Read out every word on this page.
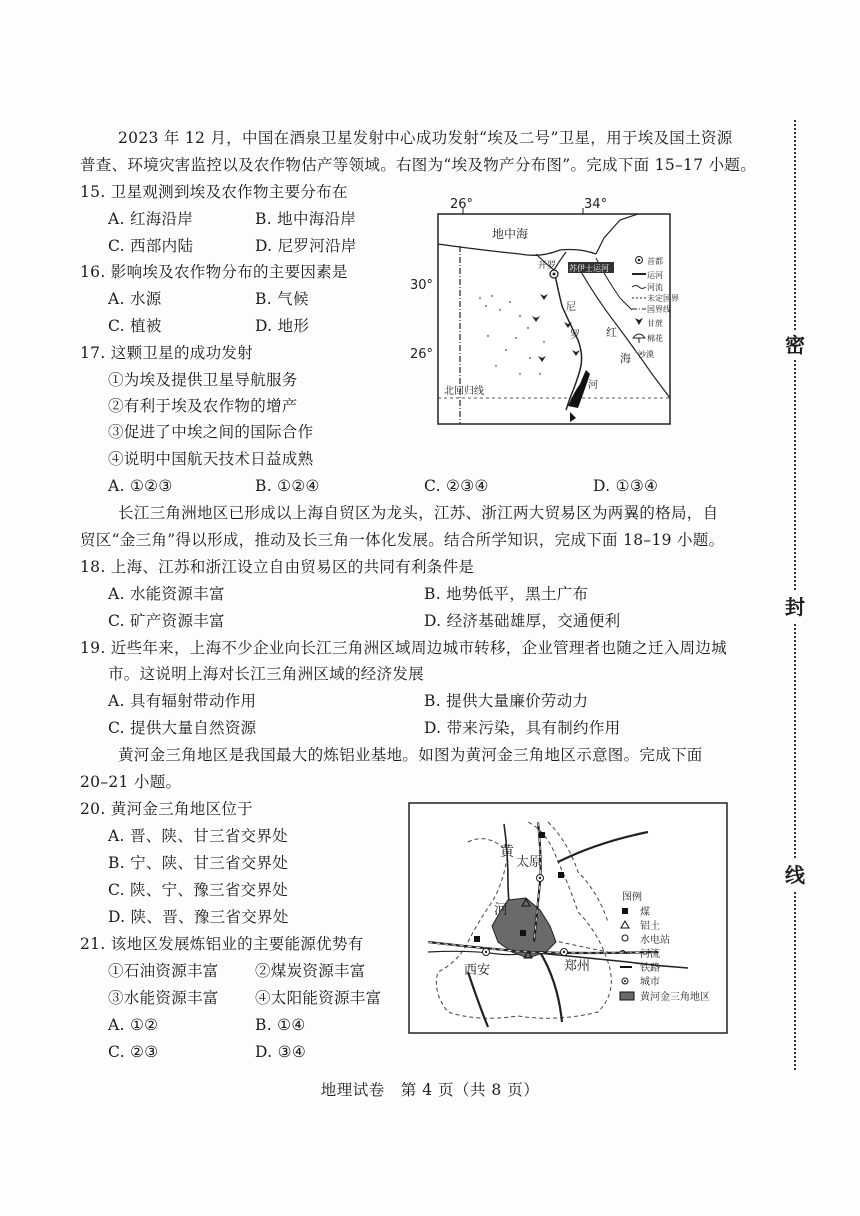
2023 年 12 月，中国在酒泉卫星发射中心成功发射“埃及二号”卫星，用于埃及国土资源
普查、环境灾害监控以及农作物估产等领域。右图为“埃及物产分布图”。完成下面 15–17 小题。
15. 卫星观测到埃及农作物主要分布在
A. 红海沿岸	B. 地中海沿岸
C. 西部内陆	D. 尼罗河沿岸
16. 影响埃及农作物分布的主要因素是
A. 水源	B. 气候
C. 植被	D. 地形
17. 这颗卫星的成功发射
①为埃及提供卫星导航服务
②有利于埃及农作物的增产
③促进了中埃之间的国际合作
④说明中国航天技术日益成熟
A. ①②③	B. ①②④	C. ②③④	D. ①③④
26°	34°
30°
26°
地中海
开罗 苏伊士运河
北回归线
尼
罗
河
红
海
首都
运河
河流
未定国界
国界线
甘蔗
棉花
沙漠
长江三角洲地区已形成以上海自贸区为龙头，江苏、浙江两大贸易区为两翼的格局，自
贸区“金三角”得以形成，推动及长三角一体化发展。结合所学知识，完成下面 18–19 小题。
18. 上海、江苏和浙江设立自由贸易区的共同有利条件是
A. 水能资源丰富	B. 地势低平，黑土广布
C. 矿产资源丰富	D. 经济基础雄厚，交通便利
19. 近些年来，上海不少企业向长江三角洲区域周边城市转移，企业管理者也随之迁入周边城
市。这说明上海对长江三角洲区域的经济发展
A. 具有辐射带动作用	B. 提供大量廉价劳动力
C. 提供大量自然资源	D. 带来污染，具有制约作用
黄河金三角地区是我国最大的炼铝业基地。如图为黄河金三角地区示意图。完成下面
20–21 小题。
20. 黄河金三角地区位于
A. 晋、陕、甘三省交界处
B. 宁、陕、甘三省交界处
C. 陕、宁、豫三省交界处
D. 陕、晋、豫三省交界处
21. 该地区发展炼铝业的主要能源优势有
①石油资源丰富 ②煤炭资源丰富
③水能资源丰富 ④太阳能资源丰富
A. ①②	B. ①④
C. ②③	D. ③④
黄
河
太原
西安	郑州
图例
煤
铝土
水电站
河流
铁路
城市
黄河金三角地区
密
封
线
地理试卷　第 4 页（共 8 页）
